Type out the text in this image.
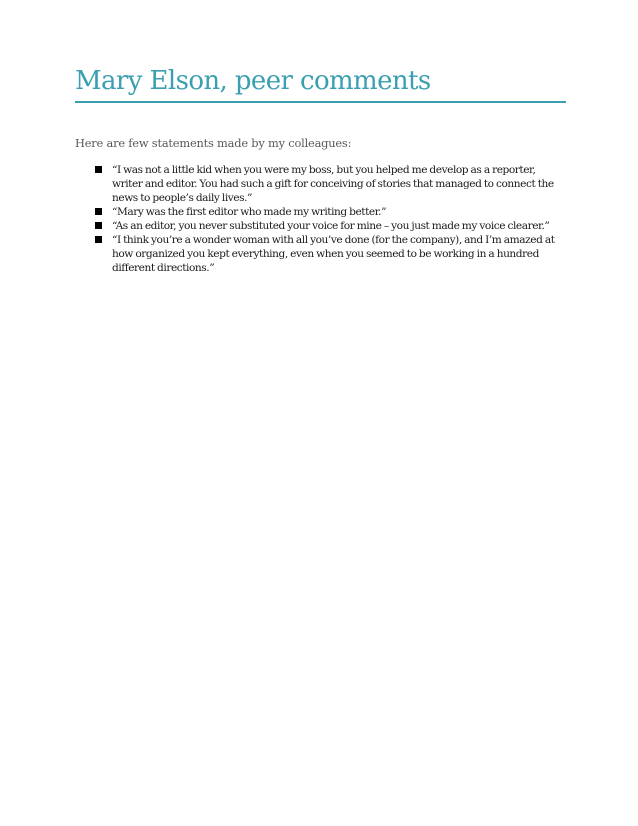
Mary Elson, peer comments

Here are few statements made by my colleagues:

“I was not a little kid when you were my boss, but you helped me develop as a reporter, writer and editor. You had such a gift for conceiving of stories that managed to connect the news to people’s daily lives.”
“Mary was the first editor who made my writing better.”
“As an editor, you never substituted your voice for mine – you just made my voice clearer.”
“I think you’re a wonder woman with all you’ve done (for the company), and I’m amazed at how organized you kept everything, even when you seemed to be working in a hundred different directions.”
